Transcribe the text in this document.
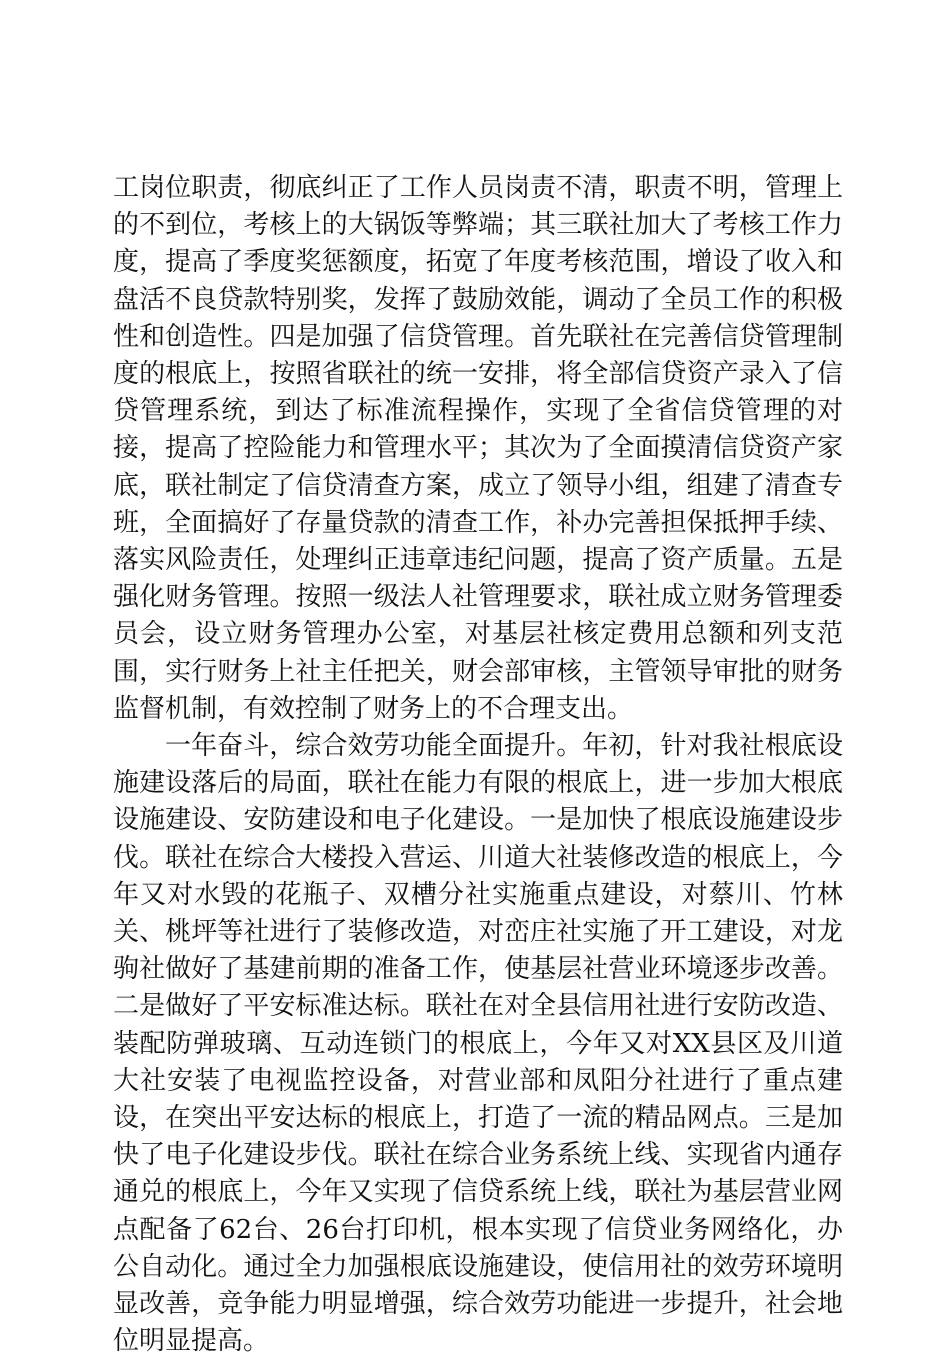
工岗位职责，彻底纠正了工作人员岗责不清，职责不明，管理上的不到位，考核上的大锅饭等弊端；其三联社加大了考核工作力度，提高了季度奖惩额度，拓宽了年度考核范围，增设了收入和盘活不良贷款特别奖，发挥了鼓励效能，调动了全员工作的积极性和创造性。四是加强了信贷管理。首先联社在完善信贷管理制度的根底上，按照省联社的统一安排，将全部信贷资产录入了信贷管理系统，到达了标准流程操作，实现了全省信贷管理的对接，提高了控险能力和管理水平；其次为了全面摸清信贷资产家底，联社制定了信贷清查方案，成立了领导小组，组建了清查专班，全面搞好了存量贷款的清查工作，补办完善担保抵押手续、落实风险责任，处理纠正违章违纪问题，提高了资产质量。五是强化财务管理。按照一级法人社管理要求，联社成立财务管理委员会，设立财务管理办公室，对基层社核定费用总额和列支范围，实行财务上社主任把关，财会部审核，主管领导审批的财务监督机制，有效控制了财务上的不合理支出。

一年奋斗，综合效劳功能全面提升。年初，针对我社根底设施建设落后的局面，联社在能力有限的根底上，进一步加大根底设施建设、安防建设和电子化建设。一是加快了根底设施建设步伐。联社在综合大楼投入营运、川道大社装修改造的根底上，今年又对水毁的花瓶子、双槽分社实施重点建设，对蔡川、竹林关、桃坪等社进行了装修改造，对峦庄社实施了开工建设，对龙驹社做好了基建前期的准备工作，使基层社营业环境逐步改善。二是做好了平安标准达标。联社在对全县信用社进行安防改造、装配防弹玻璃、互动连锁门的根底上，今年又对XX县区及川道大社安装了电视监控设备，对营业部和凤阳分社进行了重点建设，在突出平安达标的根底上，打造了一流的精品网点。三是加快了电子化建设步伐。联社在综合业务系统上线、实现省内通存通兑的根底上，今年又实现了信贷系统上线，联社为基层营业网点配备了62台、26台打印机，根本实现了信贷业务网络化，办公自动化。通过全力加强根底设施建设，使信用社的效劳环境明显改善，竞争能力明显增强，综合效劳功能进一步提升，社会地位明显提高。
